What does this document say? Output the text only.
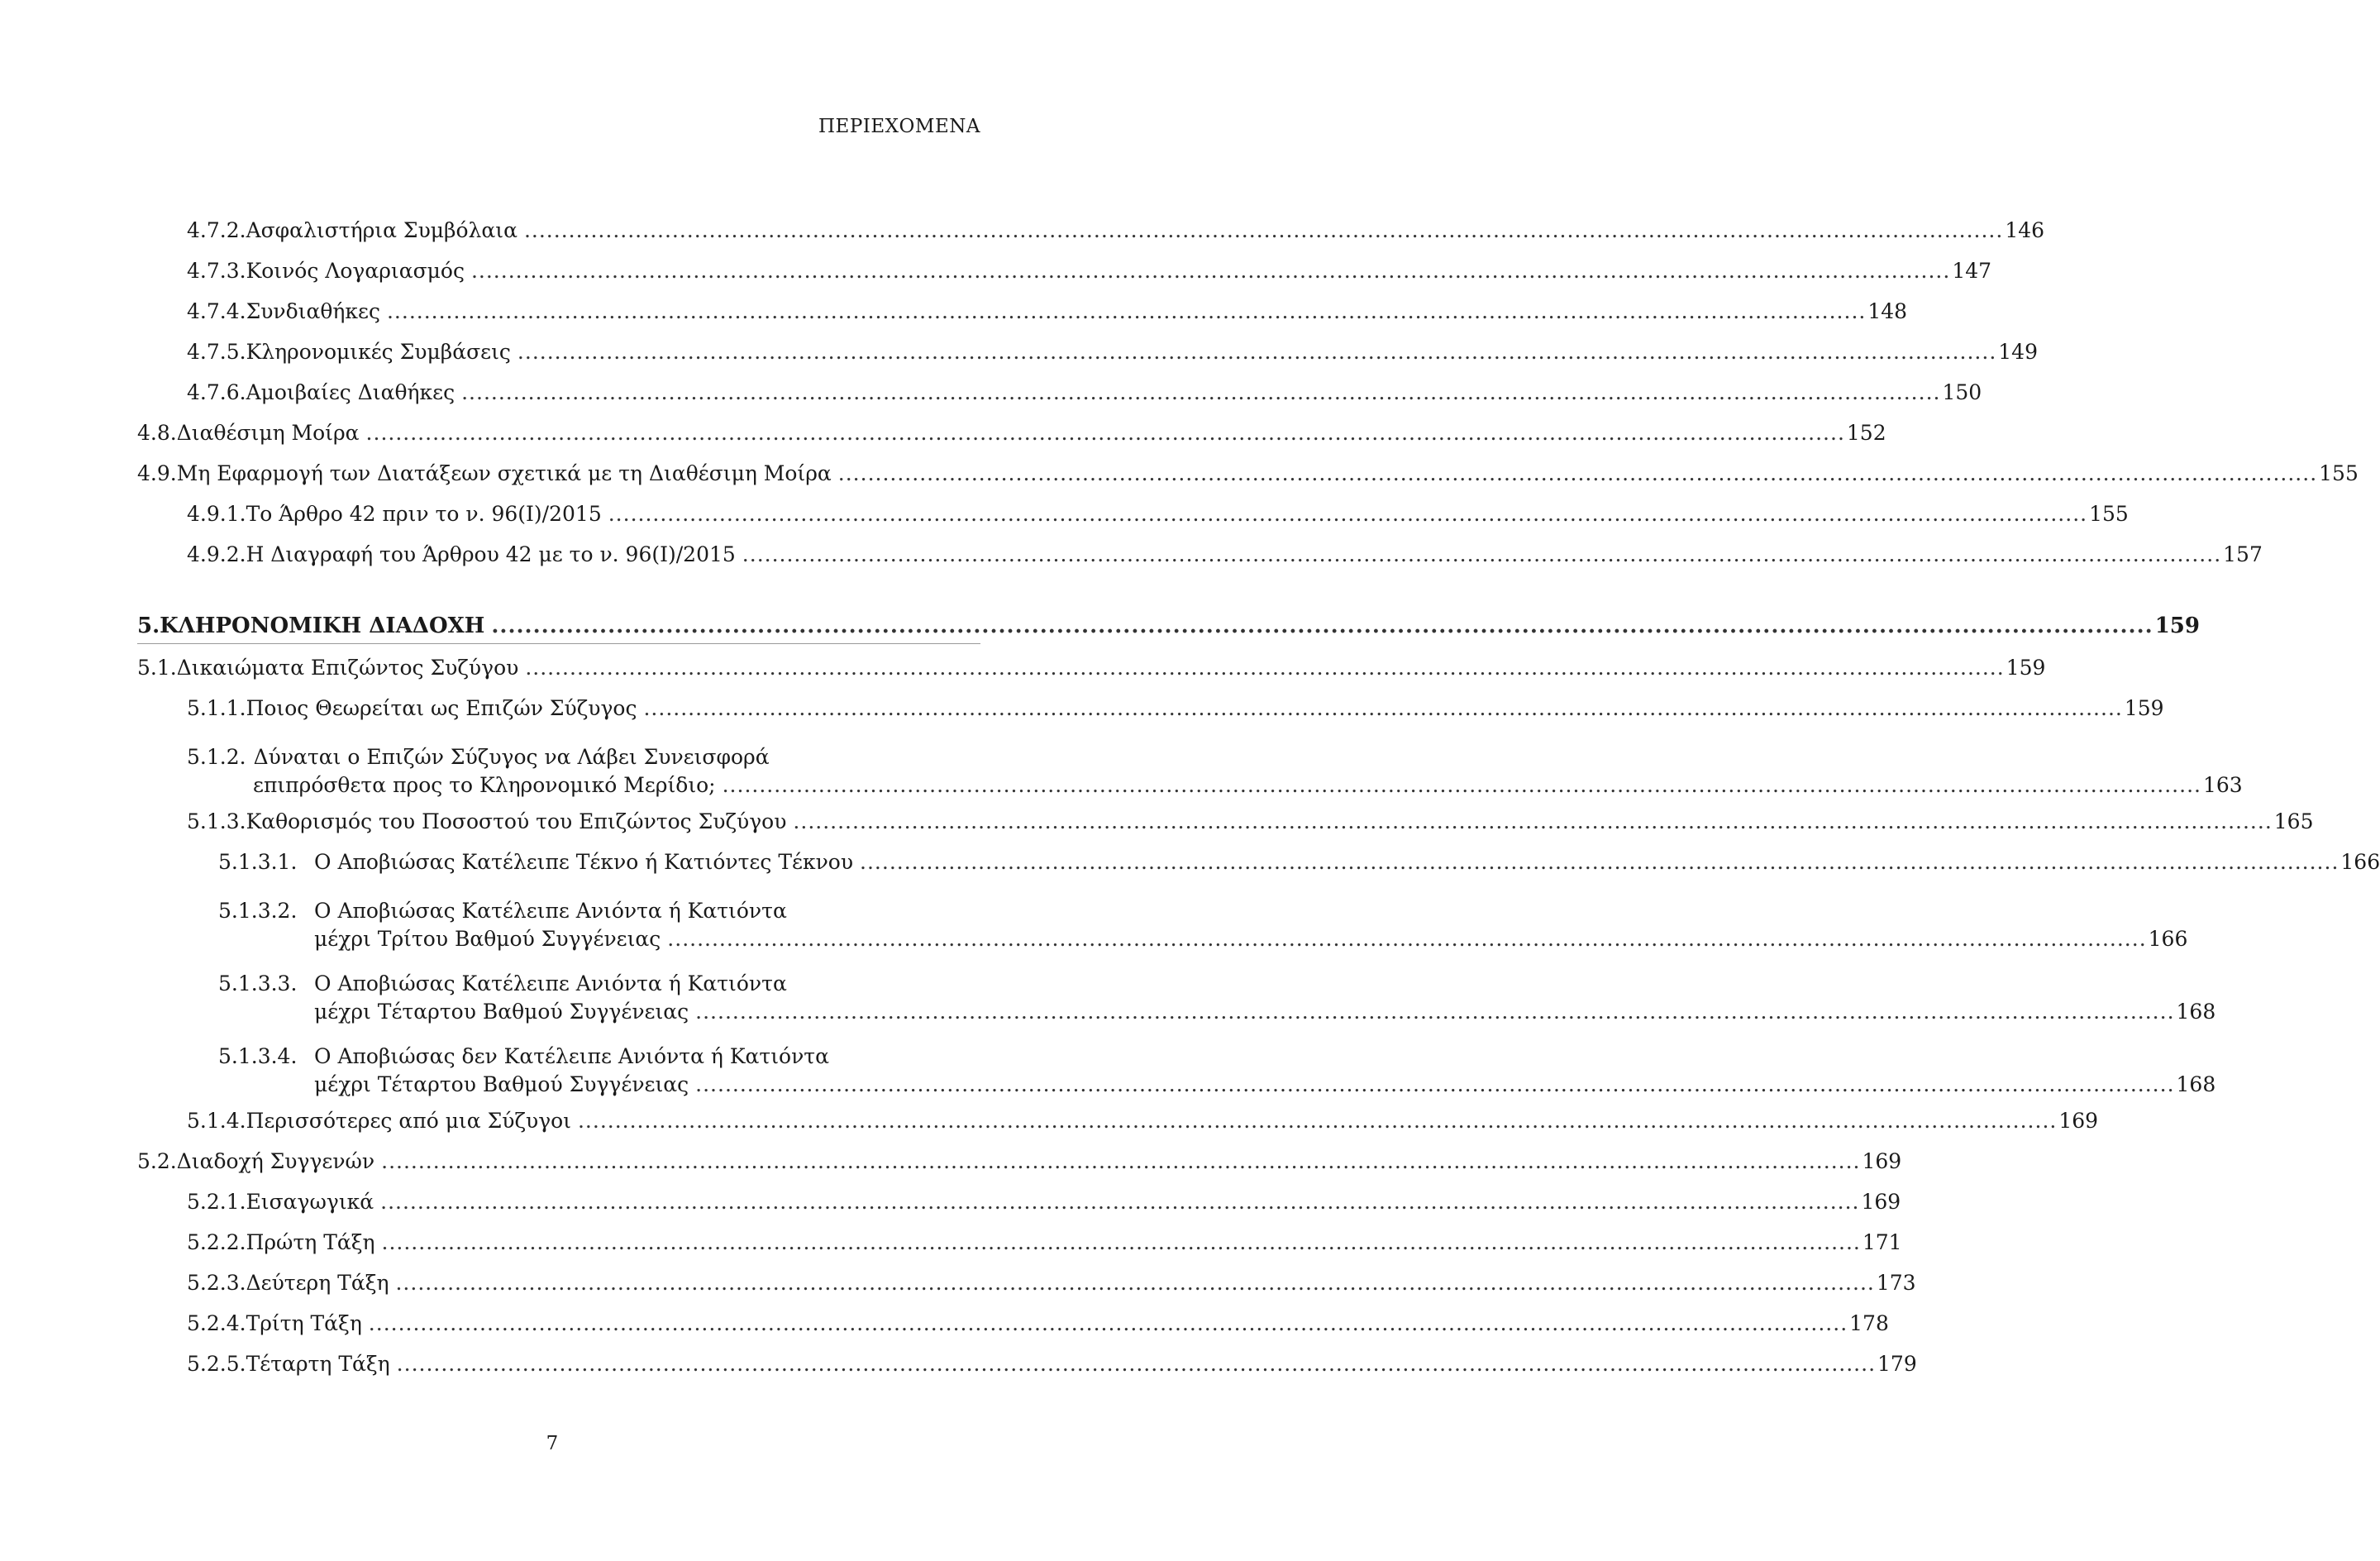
ΠΕΡΙΕΧΟΜΕΝΑ
4.7.2. Ασφαλιστήρια Συμβόλαια .....	146
4.7.3. Κοινός Λογαριασμός .....	147
4.7.4. Συνδιαθήκες .....	148
4.7.5. Κληρονομικές Συμβάσεις .....	149
4.7.6. Αμοιβαίες Διαθήκες .....	150
4.8. Διαθέσιμη Μοίρα .....	152
4.9. Μη Εφαρμογή των Διατάξεων σχετικά με τη Διαθέσιμη Μοίρα .....	155
4.9.1. Το Άρθρο 42 πριν το ν. 96(Ι)/2015 .....	155
4.9.2. Η Διαγραφή του Άρθρου 42 με το ν. 96(Ι)/2015 .....	157
5. ΚΛΗΡΟΝΟΜΙΚΗ ΔΙΑΔΟΧΗ .....	159
5.1. Δικαιώματα Επιζώντος Συζύγου .....	159
5.1.1. Ποιος Θεωρείται ως Επιζών Σύζυγος .....	159
5.1.2. Δύναται ο Επιζών Σύζυγος να Λάβει Συνεισφορά
επιπρόσθετα προς το Κληρονομικό Μερίδιο; .....	163
5.1.3. Καθορισμός του Ποσοστού του Επιζώντος Συζύγου .....	165
5.1.3.1. Ο Αποβιώσας Κατέλειπε Τέκνο ή Κατιόντες Τέκνου .....	166
5.1.3.2. Ο Αποβιώσας Κατέλειπε Ανιόντα ή Κατιόντα
μέχρι Τρίτου Βαθμού Συγγένειας .....	166
5.1.3.3. Ο Αποβιώσας Κατέλειπε Ανιόντα ή Κατιόντα
μέχρι Τέταρτου Βαθμού Συγγένειας .....	168
5.1.3.4. Ο Αποβιώσας δεν Κατέλειπε Ανιόντα ή Κατιόντα
μέχρι Τέταρτου Βαθμού Συγγένειας .....	168
5.1.4. Περισσότερες από μια Σύζυγοι .....	169
5.2. Διαδοχή Συγγενών .....	169
5.2.1. Εισαγωγικά .....	169
5.2.2. Πρώτη Τάξη .....	171
5.2.3. Δεύτερη Τάξη .....	173
5.2.4. Τρίτη Τάξη .....	178
5.2.5. Τέταρτη Τάξη .....	179
7
